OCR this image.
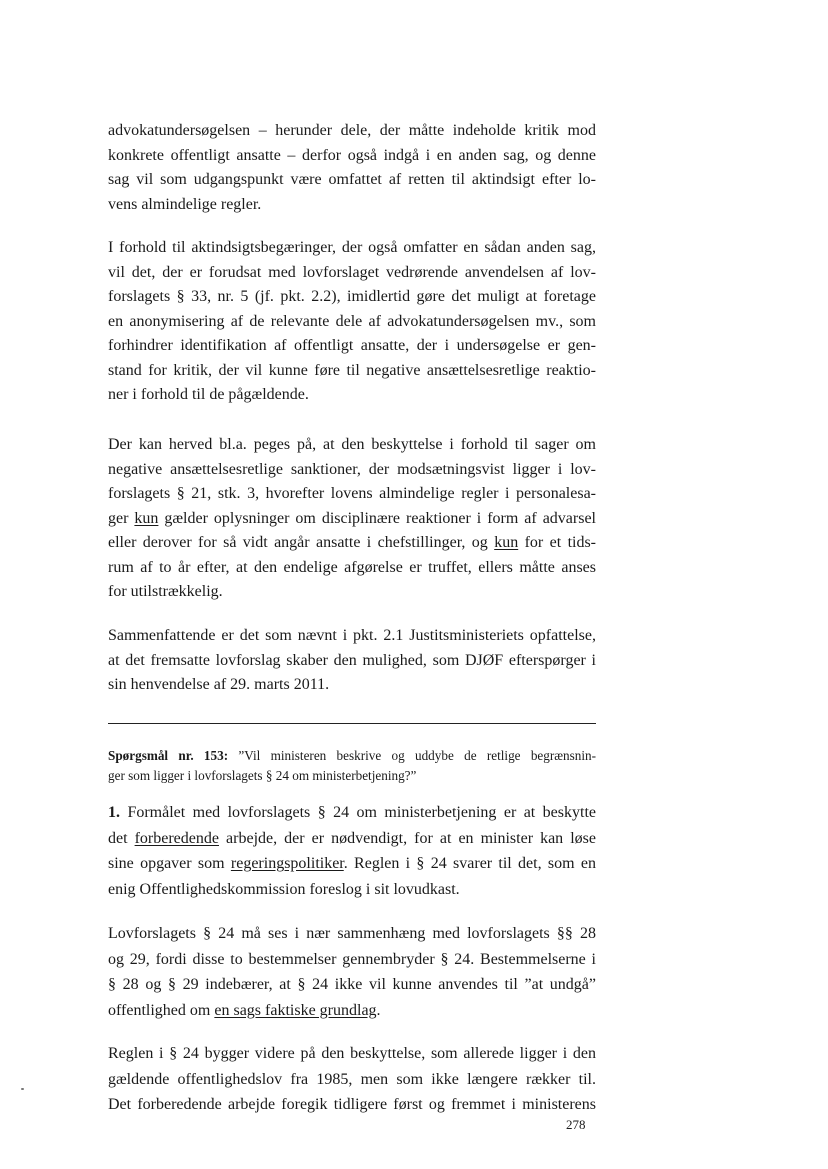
advokatundersøgelsen – herunder dele, der måtte indeholde kritik mod
konkrete offentligt ansatte – derfor også indgå i en anden sag, og denne
sag vil som udgangspunkt være omfattet af retten til aktindsigt efter lo-
vens almindelige regler.
I forhold til aktindsigtsbegæringer, der også omfatter en sådan anden sag,
vil det, der er forudsat med lovforslaget vedrørende anvendelsen af lov-
forslagets § 33, nr. 5 (jf. pkt. 2.2), imidlertid gøre det muligt at foretage
en anonymisering af de relevante dele af advokatundersøgelsen mv., som
forhindrer identifikation af offentligt ansatte, der i undersøgelse er gen-
stand for kritik, der vil kunne føre til negative ansættelsesretlige reaktio-
ner i forhold til de pågældende.
Der kan herved bl.a. peges på, at den beskyttelse i forhold til sager om
negative ansættelsesretlige sanktioner, der modsætningsvist ligger i lov-
forslagets § 21, stk. 3, hvorefter lovens almindelige regler i personalesa-
ger kun gælder oplysninger om disciplinære reaktioner i form af advarsel
eller derover for så vidt angår ansatte i chefstillinger, og kun for et tids-
rum af to år efter, at den endelige afgørelse er truffet, ellers måtte anses
for utilstrækkelig.
Sammenfattende er det som nævnt i pkt. 2.1 Justitsministeriets opfattelse,
at det fremsatte lovforslag skaber den mulighed, som DJØF efterspørger i
sin henvendelse af 29. marts 2011.
Spørgsmål nr. 153: ”Vil ministeren beskrive og uddybe de retlige begrænsnin-
ger som ligger i lovforslagets § 24 om ministerbetjening?”
1. Formålet med lovforslagets § 24 om ministerbetjening er at beskytte
det forberedende arbejde, der er nødvendigt, for at en minister kan løse
sine opgaver som regeringspolitiker. Reglen i § 24 svarer til det, som en
enig Offentlighedskommission foreslog i sit lovudkast.
Lovforslagets § 24 må ses i nær sammenhæng med lovforslagets §§ 28
og 29, fordi disse to bestemmelser gennembryder § 24. Bestemmelserne i
§ 28 og § 29 indebærer, at § 24 ikke vil kunne anvendes til ”at undgå”
offentlighed om en sags faktiske grundlag.
Reglen i § 24 bygger videre på den beskyttelse, som allerede ligger i den
gældende offentlighedslov fra 1985, men som ikke længere rækker til.
Det forberedende arbejde foregik tidligere først og fremmet i ministerens
278
